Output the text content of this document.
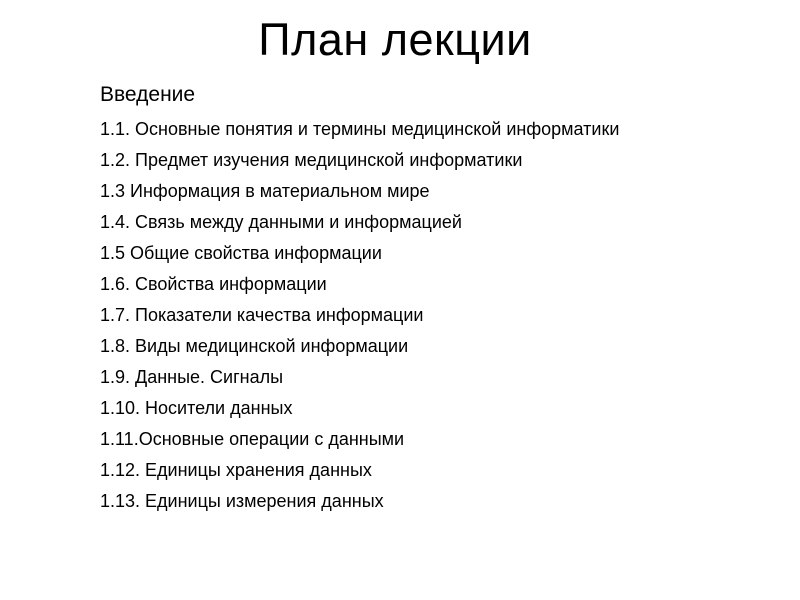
План лекции

Введение

1.1. Основные понятия и термины медицинской информатики
1.2. Предмет изучения медицинской информатики
1.3 Информация в материальном мире
1.4. Связь между данными и информацией
1.5 Общие свойства информации
1.6. Свойства информации
1.7. Показатели качества информации
1.8. Виды медицинской информации
1.9. Данные. Сигналы
1.10. Носители данных
1.11.Основные операции с данными
1.12. Единицы хранения данных
1.13. Единицы измерения данных
